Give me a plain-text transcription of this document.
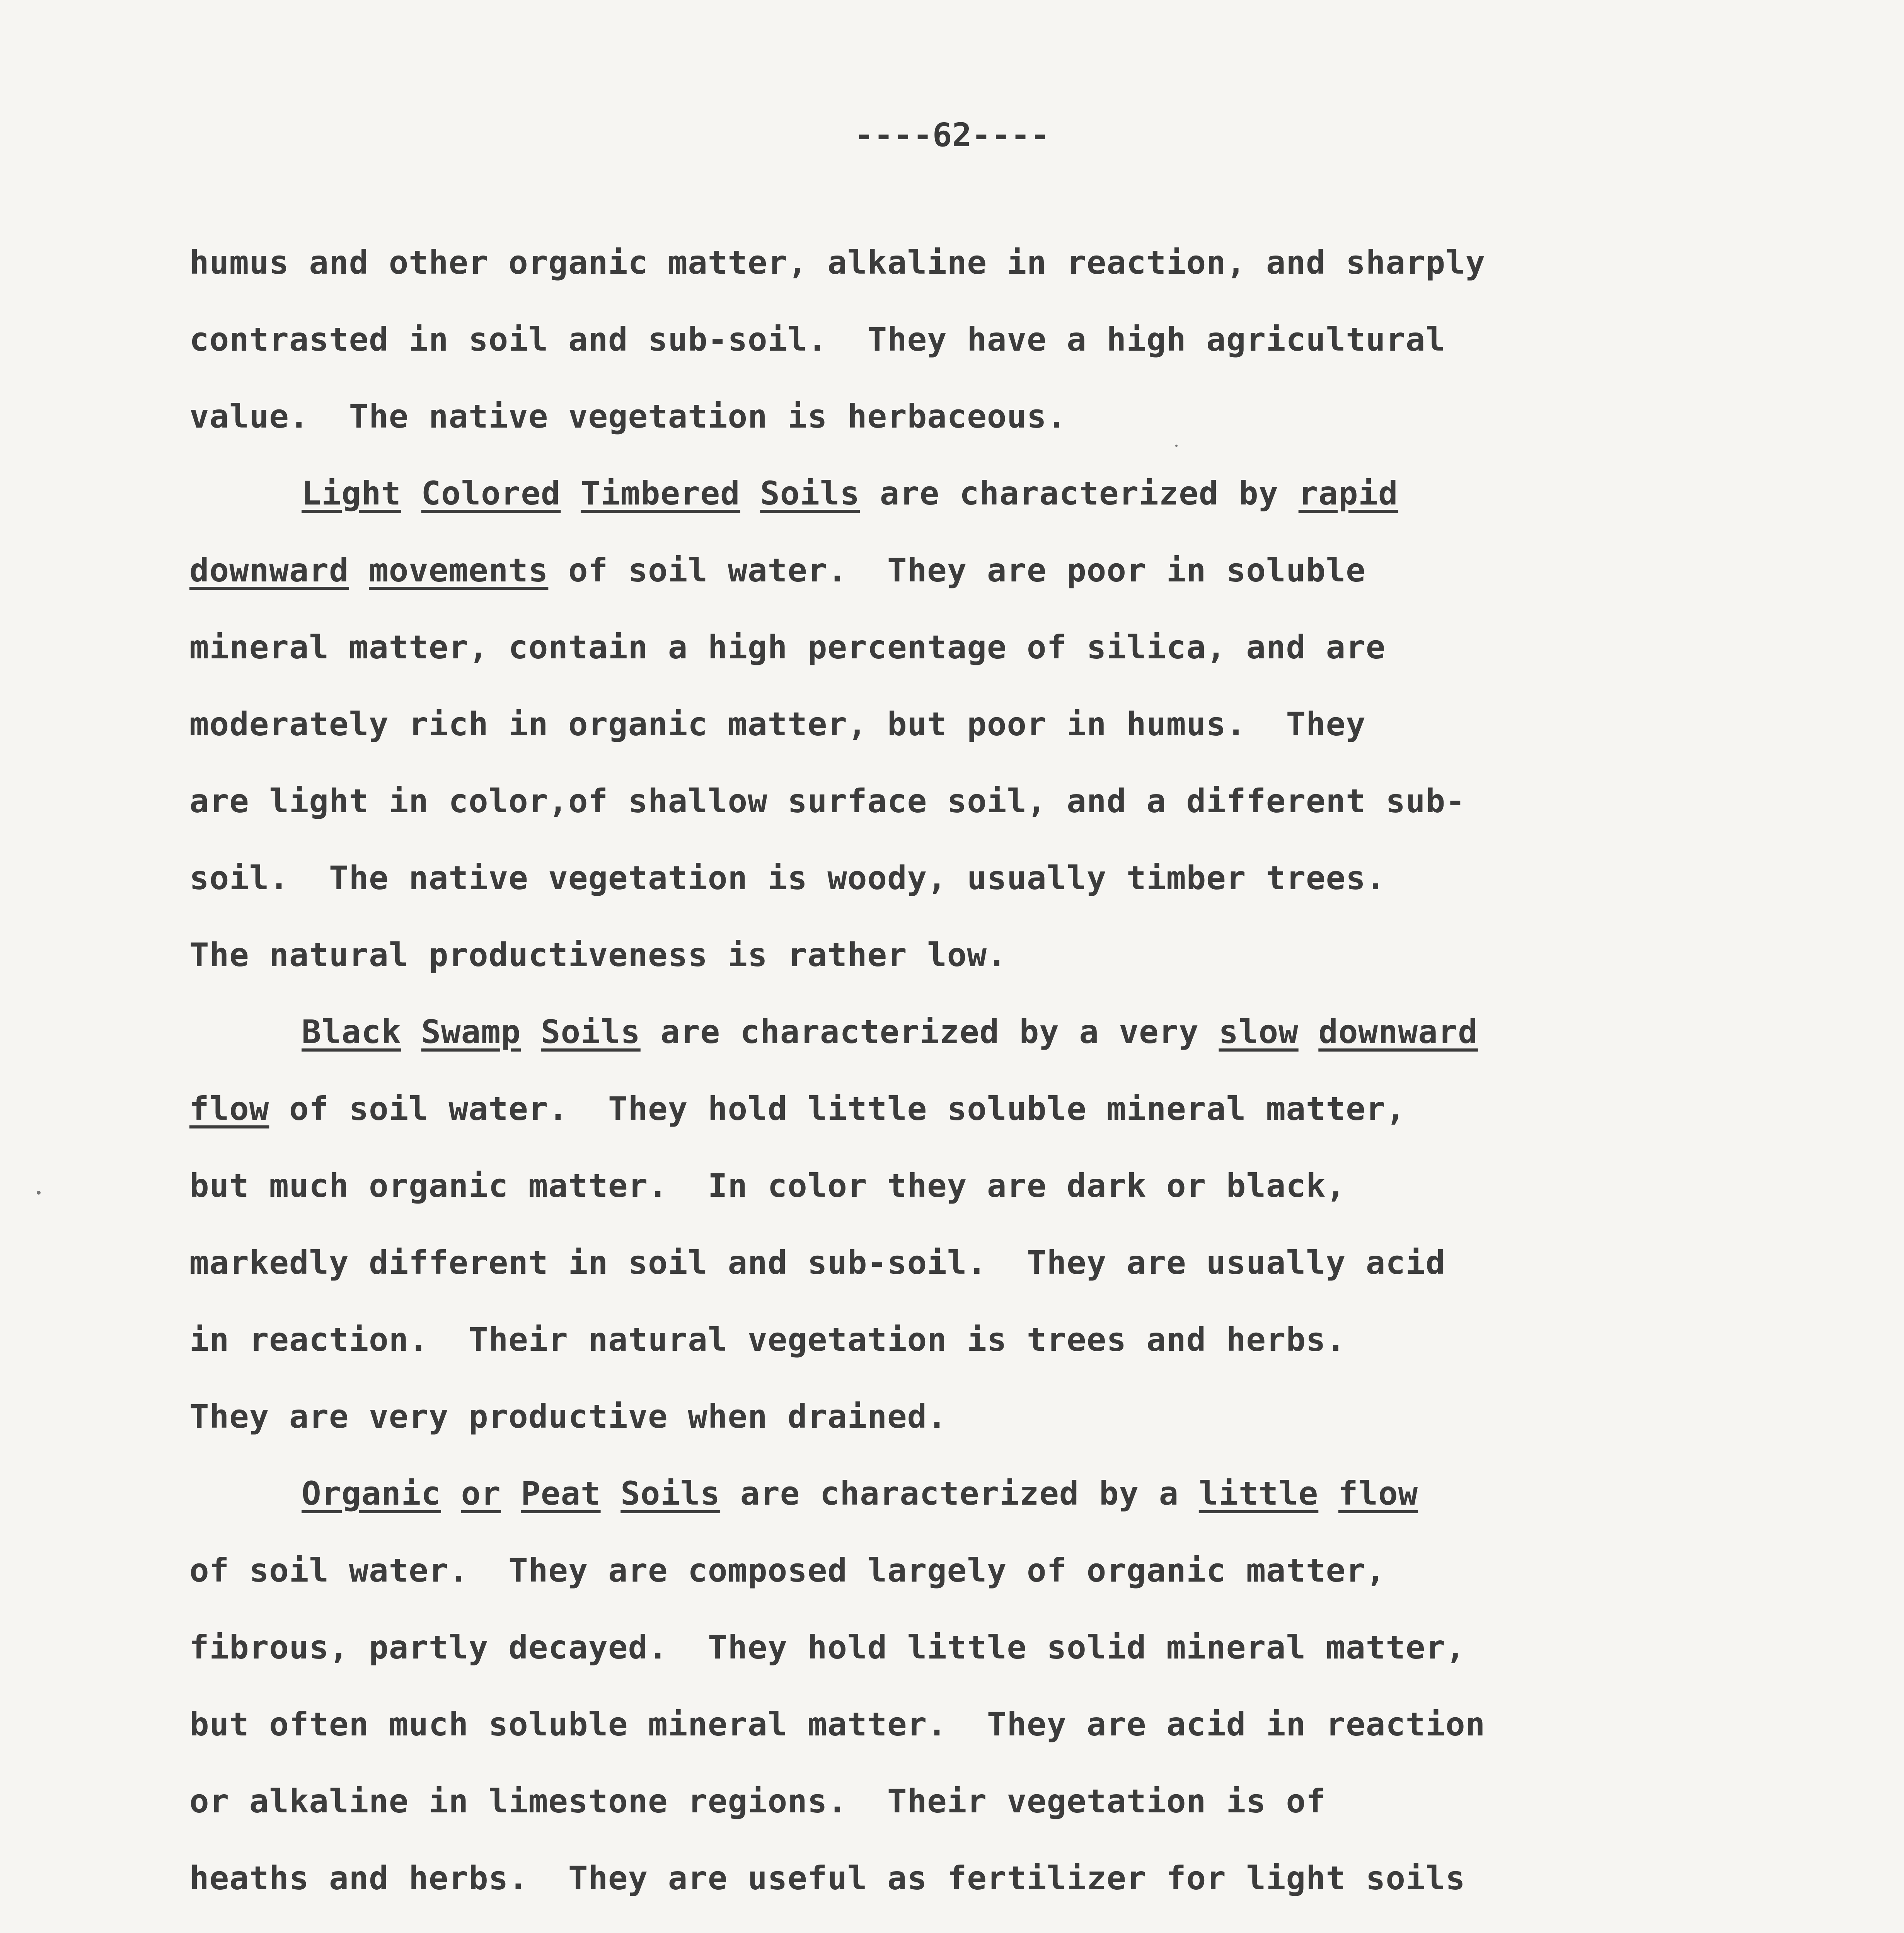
----62----
humus and other organic matter, alkaline in reaction, and sharply
contrasted in soil and sub-soil.  They have a high agricultural
value.  The native vegetation is herbaceous.
Light Colored Timbered Soils are characterized by rapid
downward movements of soil water.  They are poor in soluble
mineral matter, contain a high percentage of silica, and are
moderately rich in organic matter, but poor in humus.  They
are light in color,of shallow surface soil, and a different sub-
soil.  The native vegetation is woody, usually timber trees.
The natural productiveness is rather low.
Black Swamp Soils are characterized by a very slow downward
flow of soil water.  They hold little soluble mineral matter,
but much organic matter.  In color they are dark or black,
markedly different in soil and sub-soil.  They are usually acid
in reaction.  Their natural vegetation is trees and herbs.
They are very productive when drained.
Organic or Peat Soils are characterized by a little flow
of soil water.  They are composed largely of organic matter,
fibrous, partly decayed.  They hold little solid mineral matter,
but often much soluble mineral matter.  They are acid in reaction
or alkaline in limestone regions.  Their vegetation is of
heaths and herbs.  They are useful as fertilizer for light soils
